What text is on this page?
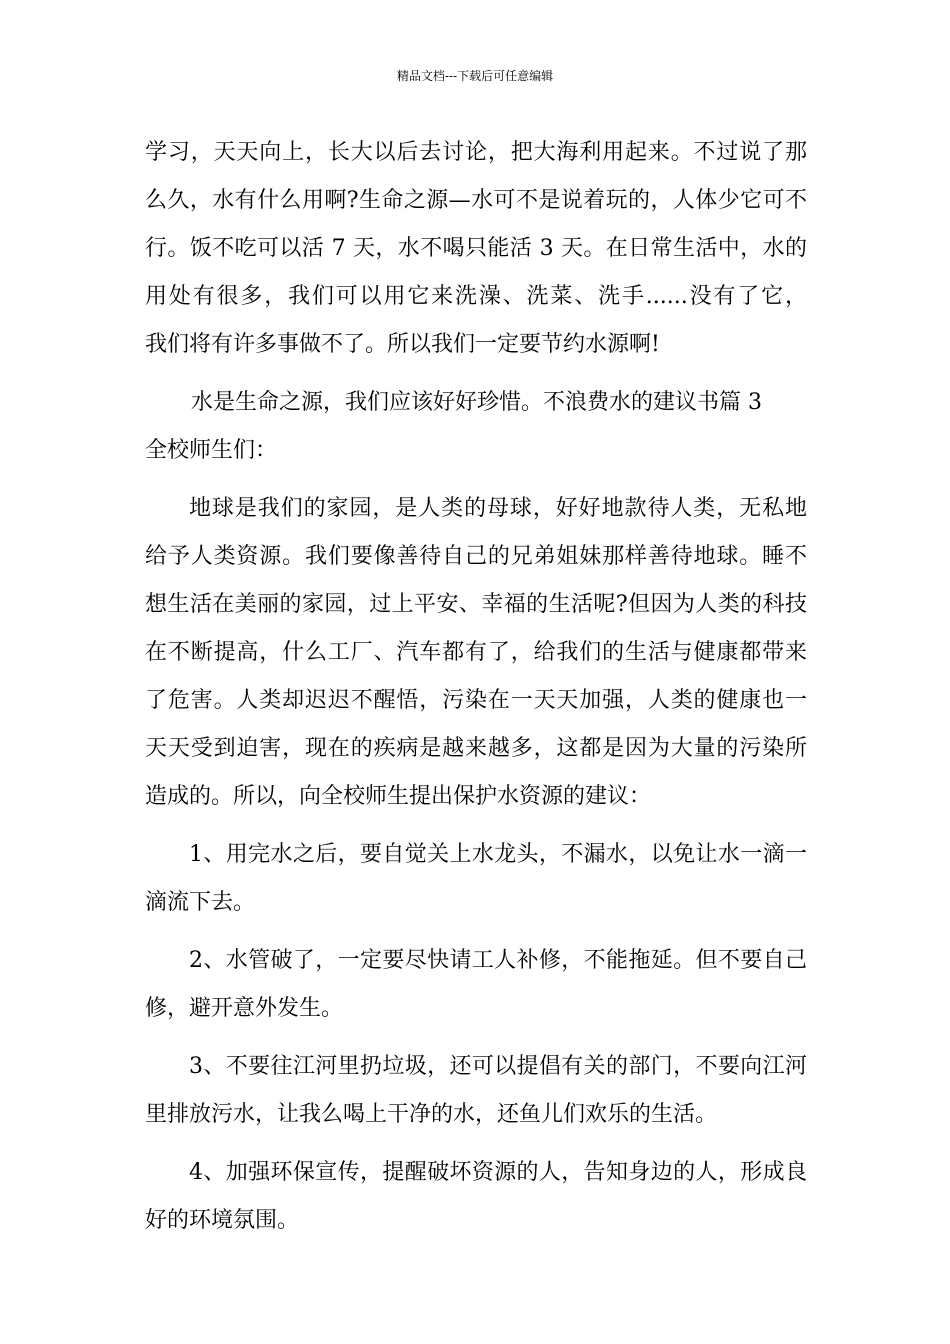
精品文档---下载后可任意编辑
学习，天天向上，长大以后去讨论，把大海利用起来。不过说了那
么久，水有什么用啊?生命之源—水可不是说着玩的，人体少它可不
行。饭不吃可以活 7 天，水不喝只能活 3 天。在日常生活中，水的
用处有很多，我们可以用它来洗澡、洗菜、洗手......没有了它，
我们将有许多事做不了。所以我们一定要节约水源啊!
水是生命之源，我们应该好好珍惜。不浪费水的建议书篇 3
全校师生们：
地球是我们的家园，是人类的母球，好好地款待人类，无私地
给予人类资源。我们要像善待自己的兄弟姐妹那样善待地球。睡不
想生活在美丽的家园，过上平安、幸福的生活呢?但因为人类的科技
在不断提高，什么工厂、汽车都有了，给我们的生活与健康都带来
了危害。人类却迟迟不醒悟，污染在一天天加强，人类的健康也一
天天受到迫害，现在的疾病是越来越多，这都是因为大量的污染所
造成的。所以，向全校师生提出保护水资源的建议：
1、用完水之后，要自觉关上水龙头，不漏水，以免让水一滴一
滴流下去。
2、水管破了，一定要尽快请工人补修，不能拖延。但不要自己
修，避开意外发生。
3、不要往江河里扔垃圾，还可以提倡有关的部门，不要向江河
里排放污水，让我么喝上干净的水，还鱼儿们欢乐的生活。
4、加强环保宣传，提醒破坏资源的人，告知身边的人，形成良
好的环境氛围。
